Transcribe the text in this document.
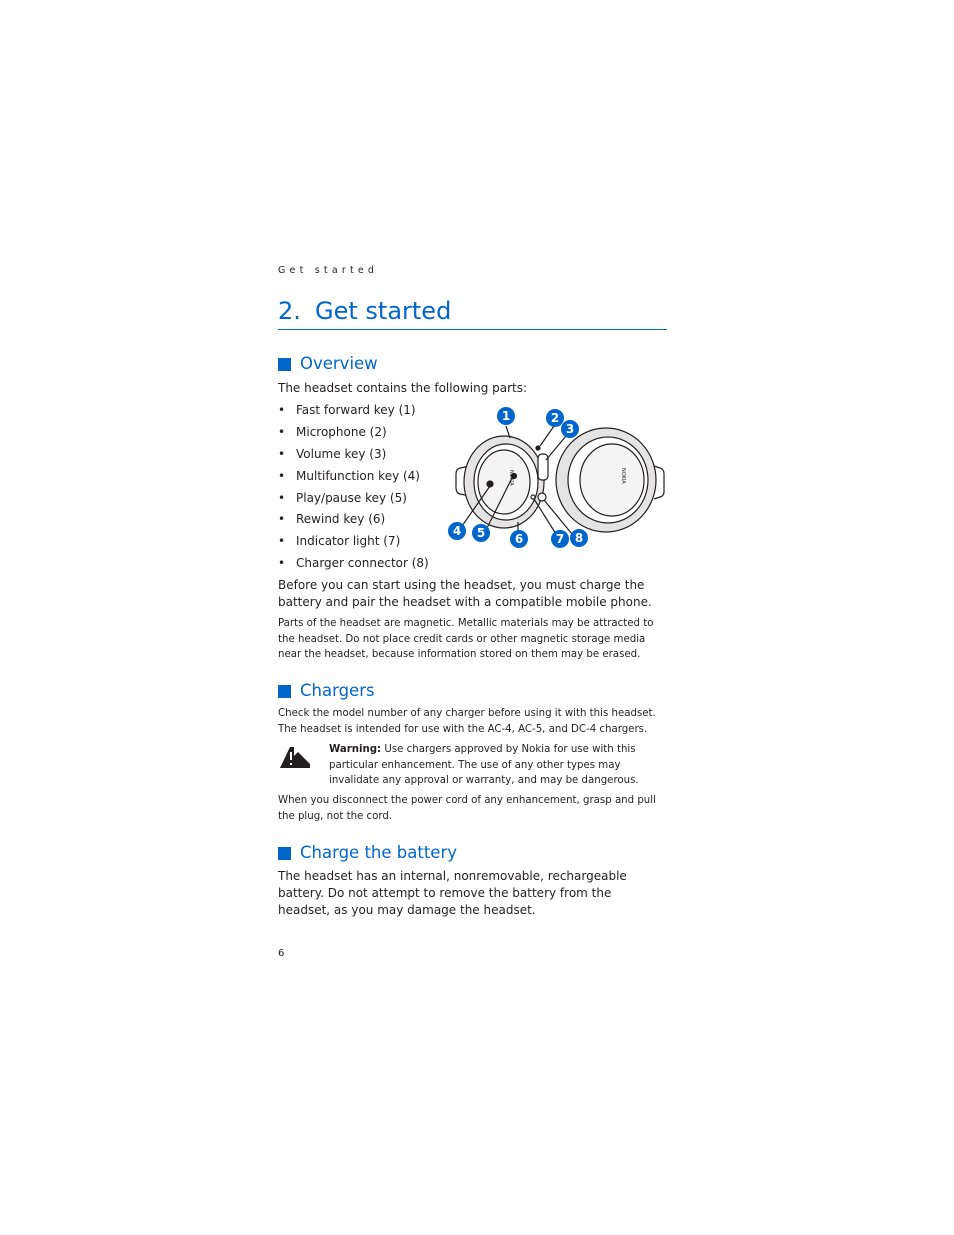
Get started
2. Get started
Overview
The headset contains the following parts:
• Fast forward key (1)
• Microphone (2)
• Volume key (3)
• Multifunction key (4)
• Play/pause key (5)
• Rewind key (6)
• Indicator light (7)
• Charger connector (8)
NOKIA	NOKIA
1	2
3
4 5 6	7 8
Before you can start using the headset, you must charge the battery and pair the headset with a compatible mobile phone.
Parts of the headset are magnetic. Metallic materials may be attracted to the headset. Do not place credit cards or other magnetic storage media near the headset, because information stored on them may be erased.
Chargers
Check the model number of any charger before using it with this headset. The headset is intended for use with the AC-4, AC-5, and DC-4 chargers.
Warning: Use chargers approved by Nokia for use with this particular enhancement. The use of any other types may invalidate any approval or warranty, and may be dangerous.
When you disconnect the power cord of any enhancement, grasp and pull the plug, not the cord.
Charge the battery
The headset has an internal, nonremovable, rechargeable battery. Do not attempt to remove the battery from the headset, as you may damage the headset.
6
